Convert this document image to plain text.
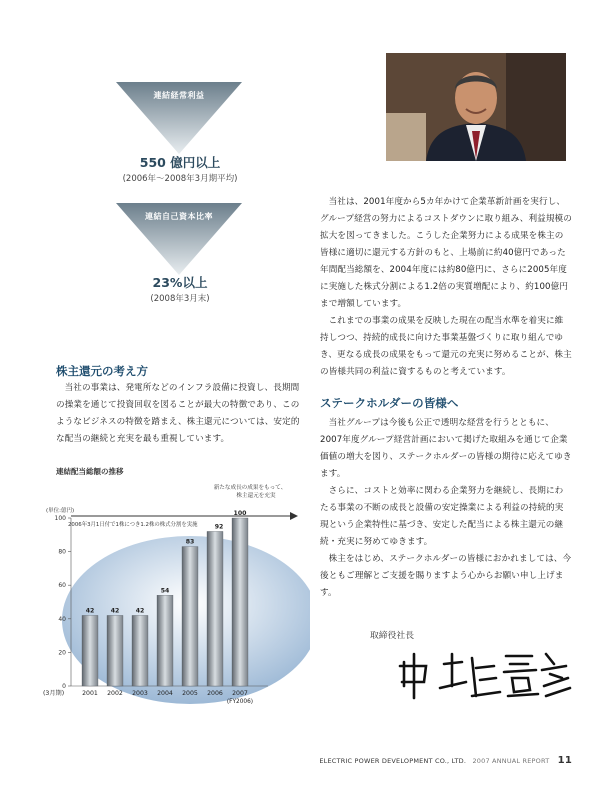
連結経常利益
550 億円以上
(2006年～2008年3月期平均)
連結自己資本比率
23%以上
(2008年3月末)
当社は、2001年度から5カ年かけて企業革新計画を実行し、グループ経営の努力によるコストダウンに取り組み、利益規模の拡大を図ってきました。こうした企業努力による成果を株主の皆様に適切に還元する方針のもと、上場前に約40億円であった年間配当総額を、2004年度には約80億円に、さらに2005年度に実施した株式分割による1.2倍の実質増配により、約100億円まで増額しています。
これまでの事業の成果を反映した現在の配当水準を着実に維持しつつ、持続的成長に向けた事業基盤づくりに取り組んでゆき、更なる成長の成果をもって還元の充実に努めることが、株主の皆様共同の利益に資するものと考えています。
ステークホルダーの皆様へ
当社グループは今後も公正で透明な経営を行うとともに、2007年度グループ経営計画において掲げた取組みを通じて企業価値の増大を図り、ステークホルダーの皆様の期待に応えてゆきます。
さらに、コストと効率に関わる企業努力を継続し、長期にわたる事業の不断の成長と設備の安定操業による利益の持続的実現という企業特性に基づき、安定した配当による株主還元の継続・充実に努めてゆきます。
株主をはじめ、ステークホルダーの皆様におかれましては、今後ともご理解とご支援を賜りますよう心からお願い申し上げます。
取締役社長
株主還元の考え方
当社の事業は、発電所などのインフラ設備に投資し、長期間の操業を通じて投資回収を図ることが最大の特徴であり、このようなビジネスの特徴を踏まえ、株主還元については、安定的な配当の継続と充実を最も重視しています。
連結配当総額の推移
(単位:億円)
0
20
40
60
80
100
新たな成長の成果をもって、
株主還元を充実
2006年3月1日付で1株につき1.2株の株式分割を実施
42
2001
42
2002
42
2003
54
2004
83
2005
92
2006
100
2007
(3月期)
(FY2006)
ELECTRIC POWER DEVELOPMENT CO., LTD. 2007 ANNUAL REPORT 11
